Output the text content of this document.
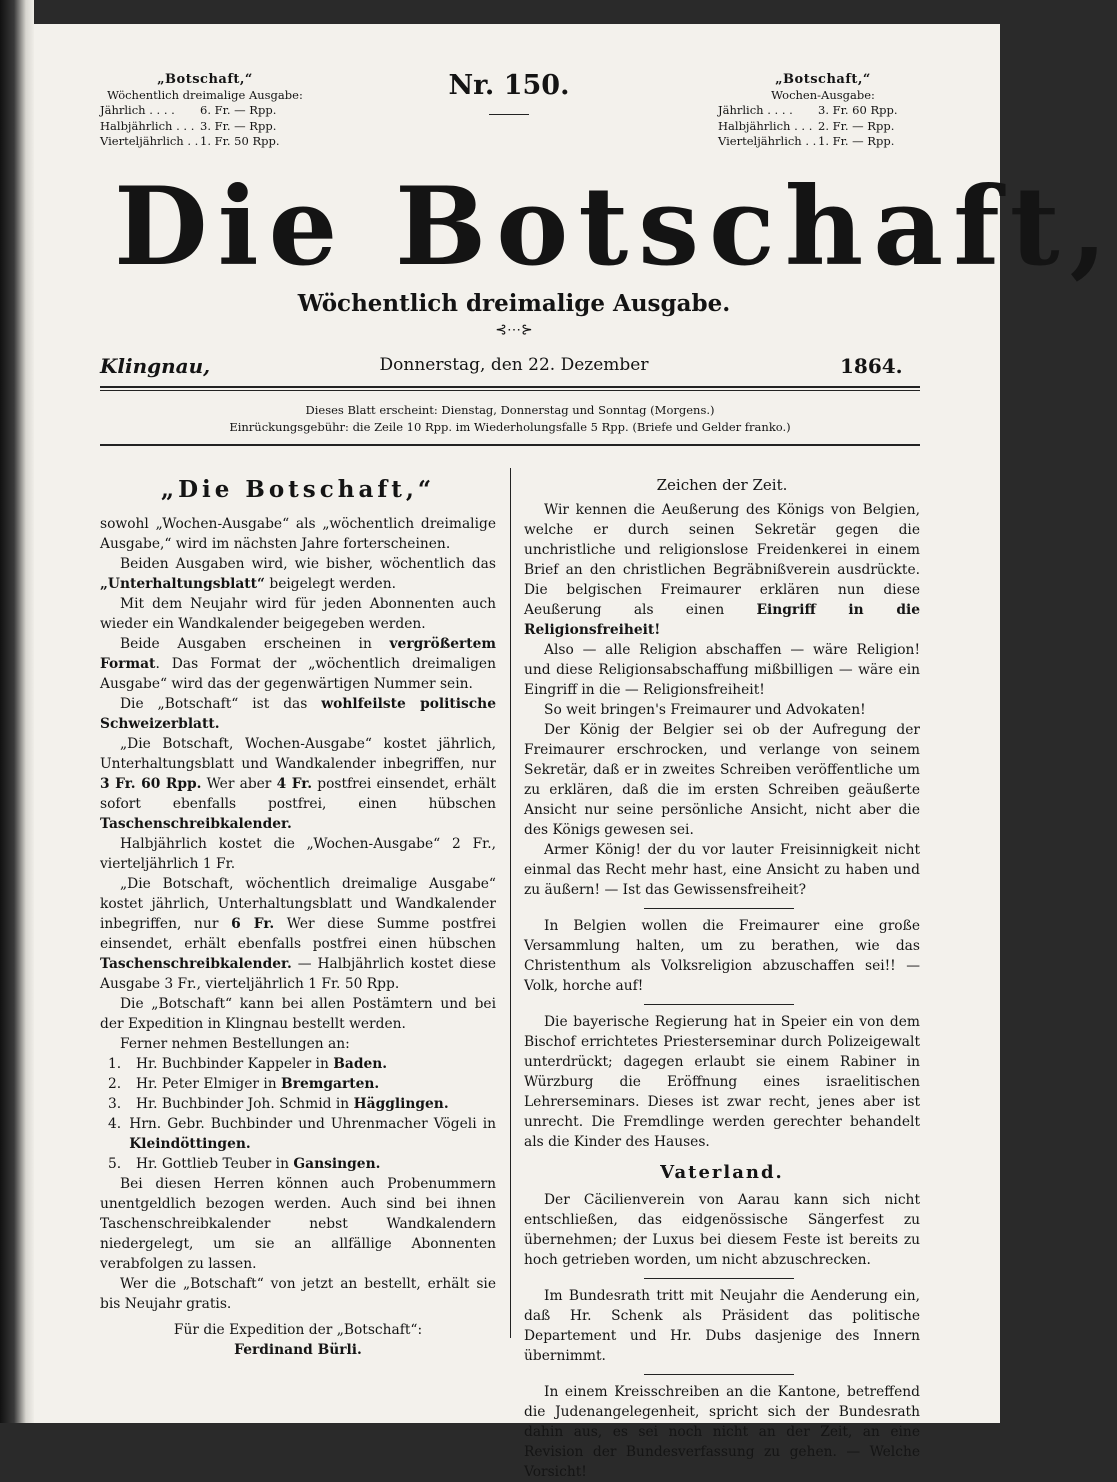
„Botschaft,“
Wöchentlich dreimalige Ausgabe:
Jährlich . . . .	6. Fr. — Rpp.
Halbjährlich . . . 3. Fr. — Rpp.
Vierteljährlich . . 1. Fr. 50 Rpp.
Nr. 150.	„Botschaft,“
Wochen-Ausgabe:
Jährlich . . . .	3. Fr. 60 Rpp.
Halbjährlich . . . 2. Fr. — Rpp.
Vierteljährlich . . 1. Fr. — Rpp.
Die Botschaft,
Wöchentlich dreimalige Ausgabe.
⊰⋯⊱
Klingnau,	Donnerstag, den 22. Dezember	1864.
Dieses Blatt erscheint: Dienstag, Donnerstag und Sonntag (Morgens.)
Einrückungsgebühr: die Zeile 10 Rpp. im Wiederholungsfalle 5 Rpp. (Briefe und Gelder franko.)
„Die Botschaft,“

sowohl „Wochen-Ausgabe“ als „wöchentlich dreimalige Ausgabe,“ wird im nächsten Jahre forterscheinen.

Beiden Ausgaben wird, wie bisher, wöchentlich das „Unterhaltungsblatt“ beigelegt werden.

Mit dem Neujahr wird für jeden Abonnenten auch wieder ein Wandkalender beigegeben werden.

Beide Ausgaben erscheinen in vergrößertem Format. Das Format der „wöchentlich dreimaligen Ausgabe“ wird das der gegenwärtigen Nummer sein.

Die „Botschaft“ ist das wohlfeilste politische Schweizerblatt.

„Die Botschaft, Wochen-Ausgabe“ kostet jährlich, Unterhaltungsblatt und Wandkalender inbegriffen, nur 3 Fr. 60 Rpp. Wer aber 4 Fr. postfrei einsendet, erhält sofort ebenfalls postfrei, einen hübschen Taschenschreibkalender.

Halbjährlich kostet die „Wochen-Ausgabe“ 2 Fr., vierteljährlich 1 Fr.

„Die Botschaft, wöchentlich dreimalige Ausgabe“ kostet jährlich, Unterhaltungsblatt und Wandkalender inbegriffen, nur 6 Fr. Wer diese Summe postfrei einsendet, erhält ebenfalls postfrei einen hübschen Taschenschreibkalender. — Halbjährlich kostet diese Ausgabe 3 Fr., vierteljährlich 1 Fr. 50 Rpp.

Die „Botschaft“ kann bei allen Postämtern und bei der Expedition in Klingnau bestellt werden.

Ferner nehmen Bestellungen an:

1.	Hr. Buchbinder Kappeler in Baden.
2.	Hr. Peter Elmiger in Bremgarten.
3.	Hr. Buchbinder Joh. Schmid in Hägglingen.
4. Hrn. Gebr. Buchbinder und Uhrenmacher Vögeli in Kleindöttingen.
5.	Hr. Gottlieb Teuber in Gansingen.

Bei diesen Herren können auch Probenummern unentgeldlich bezogen werden. Auch sind bei ihnen Taschenschreibkalender nebst Wandkalendern niedergelegt, um sie an allfällige Abonnenten verabfolgen zu lassen.

Wer die „Botschaft“ von jetzt an bestellt, erhält sie bis Neujahr gratis.

Für die Expedition der „Botschaft“:
Ferdinand Bürli.
Zeichen der Zeit.

Wir kennen die Aeußerung des Königs von Belgien, welche er durch seinen Sekretär gegen die unchristliche und religionslose Freidenkerei in einem Brief an den christlichen Begräbnißverein ausdrückte. Die belgischen Freimaurer erklären nun diese Aeußerung als einen Eingriff in die Religionsfreiheit!

Also — alle Religion abschaffen — wäre Religion! und diese Religionsabschaffung mißbilligen — wäre ein Eingriff in die — Religionsfreiheit!

So weit bringen's Freimaurer und Advokaten!

Der König der Belgier sei ob der Aufregung der Freimaurer erschrocken, und verlange von seinem Sekretär, daß er in zweites Schreiben veröffentliche um zu erklären, daß die im ersten Schreiben geäußerte Ansicht nur seine persönliche Ansicht, nicht aber die des Königs gewesen sei.

Armer König! der du vor lauter Freisinnigkeit nicht einmal das Recht mehr hast, eine Ansicht zu haben und zu äußern! — Ist das Gewissensfreiheit?

In Belgien wollen die Freimaurer eine große Versammlung halten, um zu berathen, wie das Christenthum als Volksreligion abzuschaffen sei!! — Volk, horche auf!

Die bayerische Regierung hat in Speier ein von dem Bischof errichtetes Priesterseminar durch Polizeigewalt unterdrückt; dagegen erlaubt sie einem Rabiner in Würzburg die Eröffnung eines israelitischen Lehrerseminars. Dieses ist zwar recht, jenes aber ist unrecht. Die Fremdlinge werden gerechter behandelt als die Kinder des Hauses.

Vaterland.

Der Cäcilienverein von Aarau kann sich nicht entschließen, das eidgenössische Sängerfest zu übernehmen; der Luxus bei diesem Feste ist bereits zu hoch getrieben worden, um nicht abzuschrecken.

Im Bundesrath tritt mit Neujahr die Aenderung ein, daß Hr. Schenk als Präsident das politische Departement und Hr. Dubs dasjenige des Innern übernimmt.

In einem Kreisschreiben an die Kantone, betreffend die Judenangelegenheit, spricht sich der Bundesrath dahin aus, es sei noch nicht an der Zeit, an eine Revision der Bundesverfassung zu gehen. — Welche Vorsicht!
